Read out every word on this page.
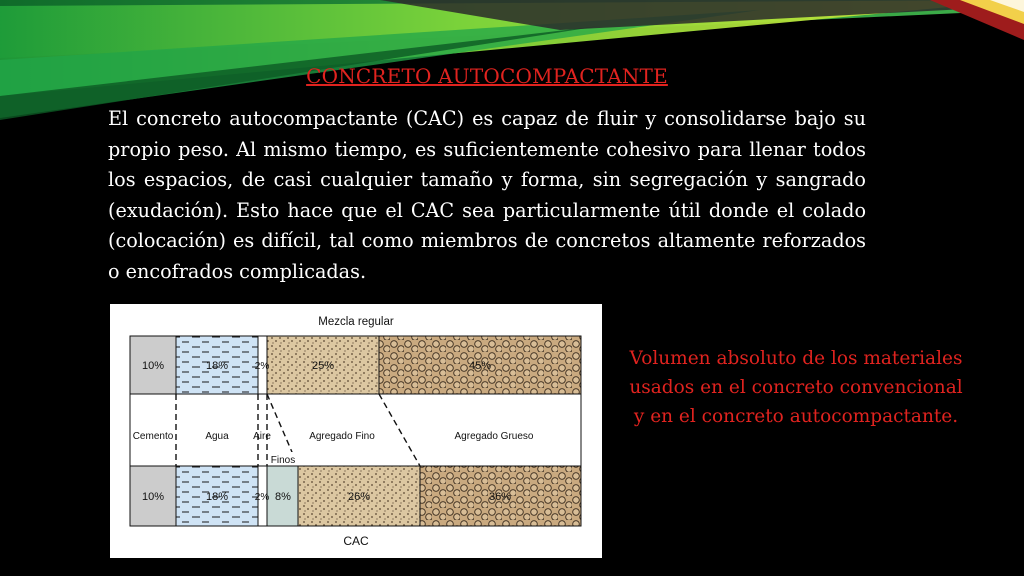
CONCRETO AUTOCOMPACTANTE
El concreto autocompactante (CAC) es capaz de fluir y consolidarse bajo su propio peso. Al mismo tiempo, es suficientemente cohesivo para llenar todos los espacios, de casi cualquier tamaño y forma, sin segregación y sangrado (exudación). Esto hace que el CAC sea particularmente útil donde el colado (colocación) es difícil, tal como miembros de concretos altamente reforzados o encofrados complicadas.
Mezcla regular
10%	18%	2%	25%	45%
Cemento	Agua Aire	Agregado Fino	Agregado Grueso
Finos
10%	18%	2% 8%	26%	36%
CAC
Volumen absoluto de los materiales usados en el concreto convencional y en el concreto autocompactante.
